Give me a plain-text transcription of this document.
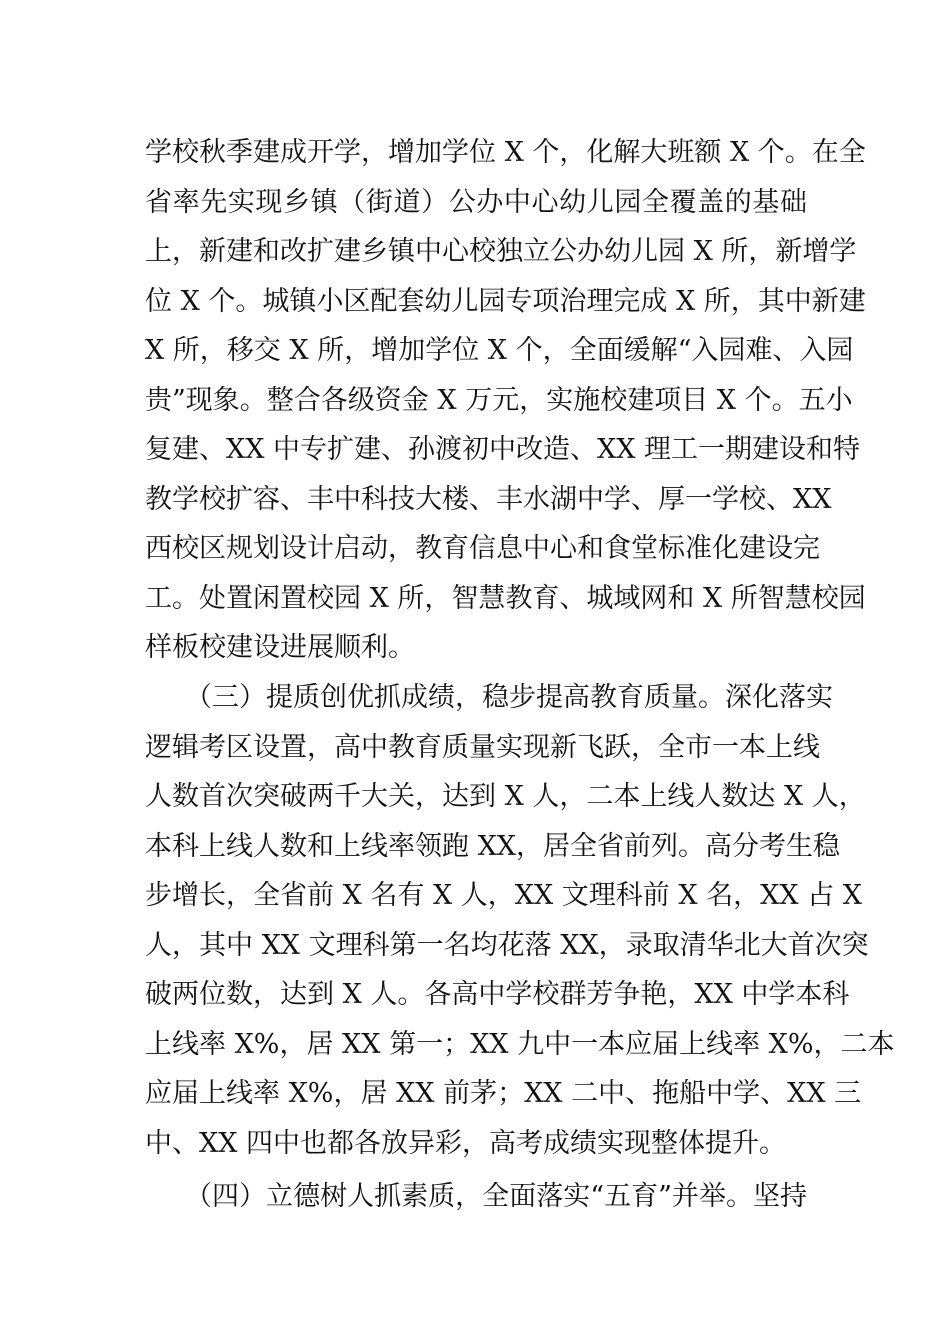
学校秋季建成开学，增加学位 X 个，化解大班额 X 个。在全
省率先实现乡镇（街道）公办中心幼儿园全覆盖的基础
上，新建和改扩建乡镇中心校独立公办幼儿园 X 所，新增学
位 X 个。城镇小区配套幼儿园专项治理完成 X 所，其中新建
X 所，移交 X 所，增加学位 X 个，全面缓解“入园难、入园
贵”现象。整合各级资金 X 万元，实施校建项目 X 个。五小
复建、XX 中专扩建、孙渡初中改造、XX 理工一期建设和特
教学校扩容、丰中科技大楼、丰水湖中学、厚一学校、XX
西校区规划设计启动，教育信息中心和食堂标准化建设完
工。处置闲置校园 X 所，智慧教育、城域网和 X 所智慧校园
样板校建设进展顺利。
（三）提质创优抓成绩，稳步提高教育质量。深化落实
逻辑考区设置，高中教育质量实现新飞跃，全市一本上线
人数首次突破两千大关，达到 X 人，二本上线人数达 X 人，
本科上线人数和上线率领跑 XX，居全省前列。高分考生稳
步增长，全省前 X 名有 X 人，XX 文理科前 X 名，XX 占 X
人，其中 XX 文理科第一名均花落 XX，录取清华北大首次突
破两位数，达到 X 人。各高中学校群芳争艳，XX 中学本科
上线率 X%，居 XX 第一；XX 九中一本应届上线率 X%，二本
应届上线率 X%，居 XX 前茅；XX 二中、拖船中学、XX 三
中、XX 四中也都各放异彩，高考成绩实现整体提升。
（四）立德树人抓素质，全面落实“五育”并举。坚持
